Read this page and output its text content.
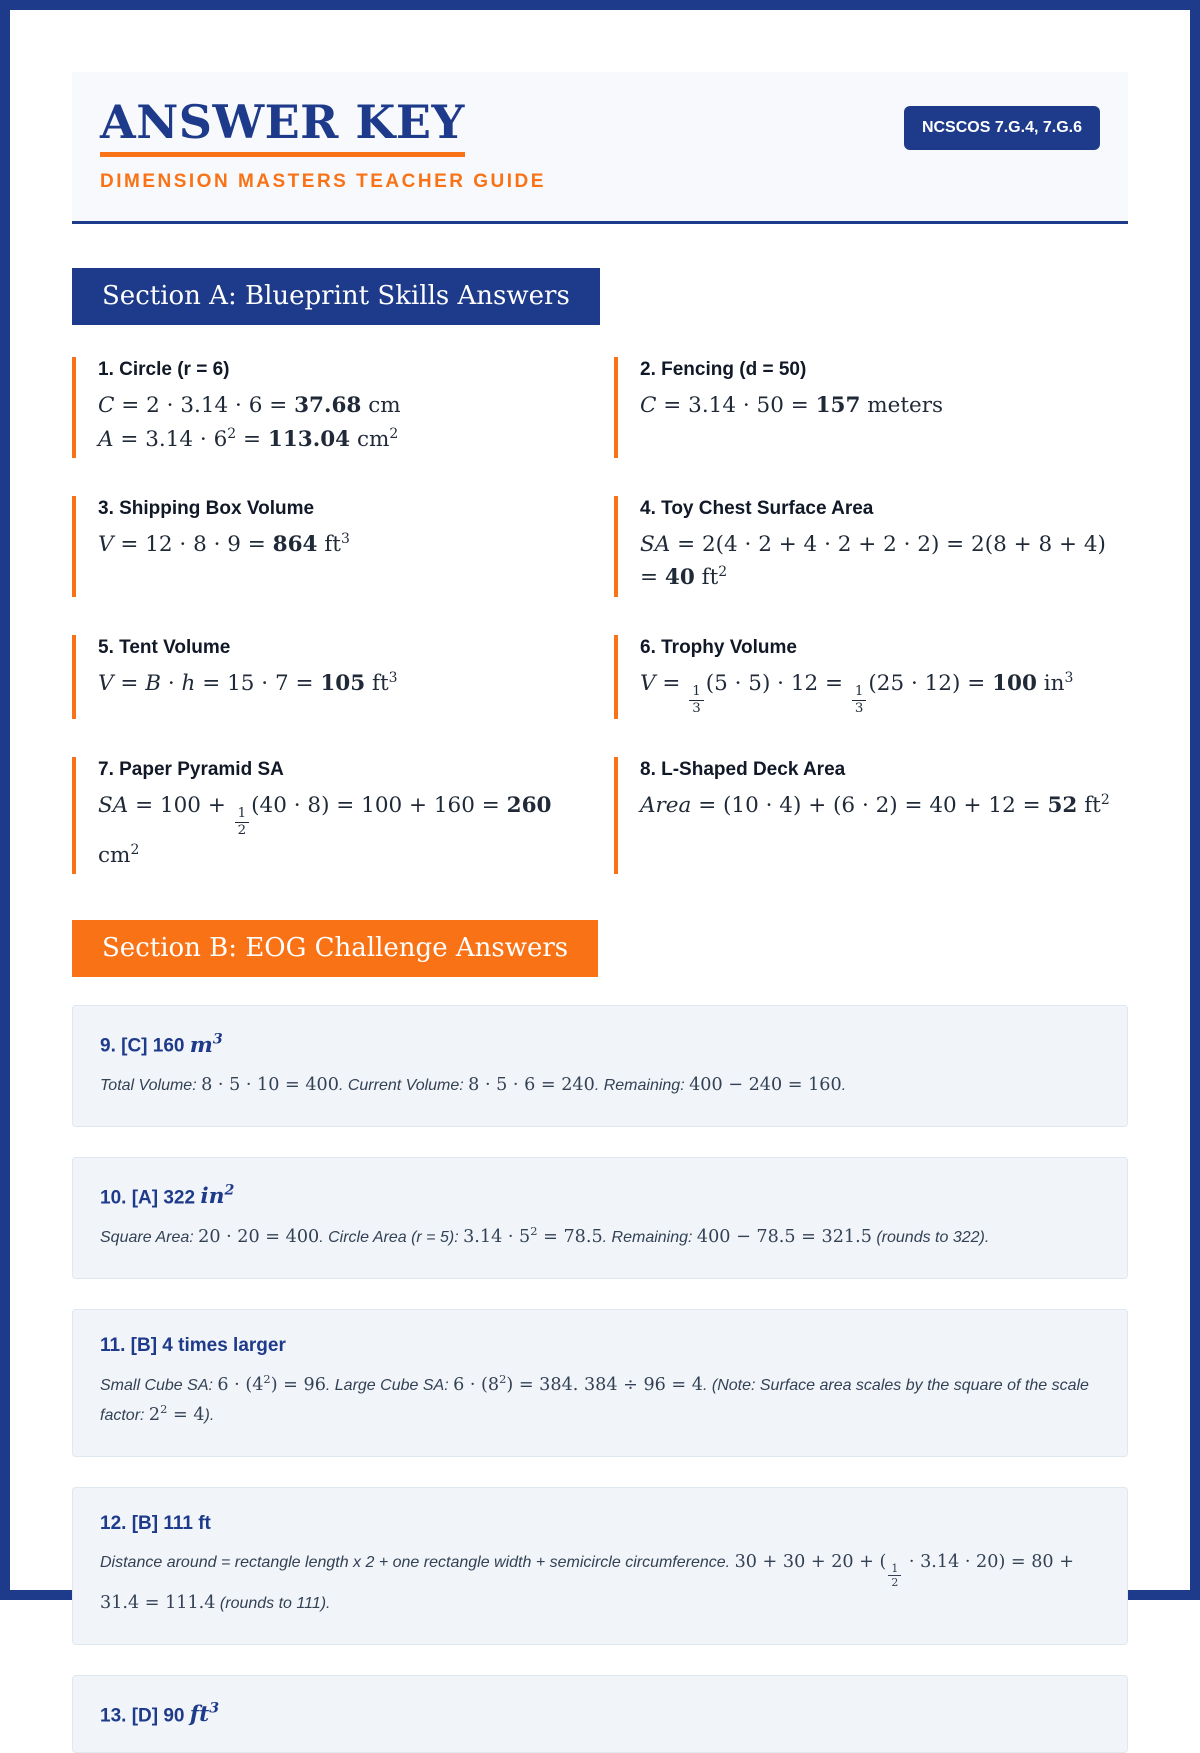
ANSWER KEY
DIMENSION MASTERS TEACHER GUIDE
NCSCOS 7.G.4, 7.G.6
Section A: Blueprint Skills Answers
1. Circle (r = 6)
C = 2 · 3.14 · 6 = 37.68 cm
$A = 3.14 \cdot 6^2 = 113.04$ $cm^2$
2. Fencing (d = 50)
C = 3.14 · 50 = 157 meters
3. Shipping Box Volume
V = 12 · 8 · 9 = 864 $ft^3$
4. Toy Chest Surface Area
SA = 2(4 · 2 + 4 · 2 + 2 · 2) = 2(8 + 8 + 4) = 40 $ft^2$
5. Tent Volume
V = B · h = 15 · 7 = 105 $ft^3$
6. Trophy Volume
V =
$\frac{1}{3}$
(5 · 5) · 12 =
$\frac{1}{3}$
(25 · 12) = 100 $in^3$
7. Paper Pyramid SA
SA = 100 +
$\frac{1}{2}$
(40 · 8) = 100 + 160 = 260 $cm^2$
8. L-Shaped Deck Area
Area = (10 · 4) + (6 · 2) = 40 + 12 = 52 $ft^2$
Section B: EOG Challenge Answers
9. [C] 160 $m^3$
Total Volume: 8 · 5 · 10 = 400. Current Volume: 8 · 5 · 6 = 240. Remaining: 400 − 240 = 160.
10. [A] 322 $in^2$
Square Area: 20 · 20 = 400. Circle Area (r = 5): $3.14 \cdot 5^2 = 78.5$. Remaining: 400 − 78.5 = 321.5 (rounds to 322).
11. [B] 4 times larger
Small Cube SA: $6 \cdot (4^2) = 96$. Large Cube SA: $6 \cdot (8^2) = 384$. 384 ÷ 96 = 4. (Note: Surface area scales by the square of the scale factor: $2^2 = 4$).
12. [B] 111 ft
Distance around = rectangle length x 2 + one rectangle width + semicircle circumference. 30 + 30 + 20 + ( $\frac{1}{2} \cdot 3.14 \cdot 20) = 80 + 31.4 = 111.4$ (rounds to 111).
13. [D] 90 $ft^3$
